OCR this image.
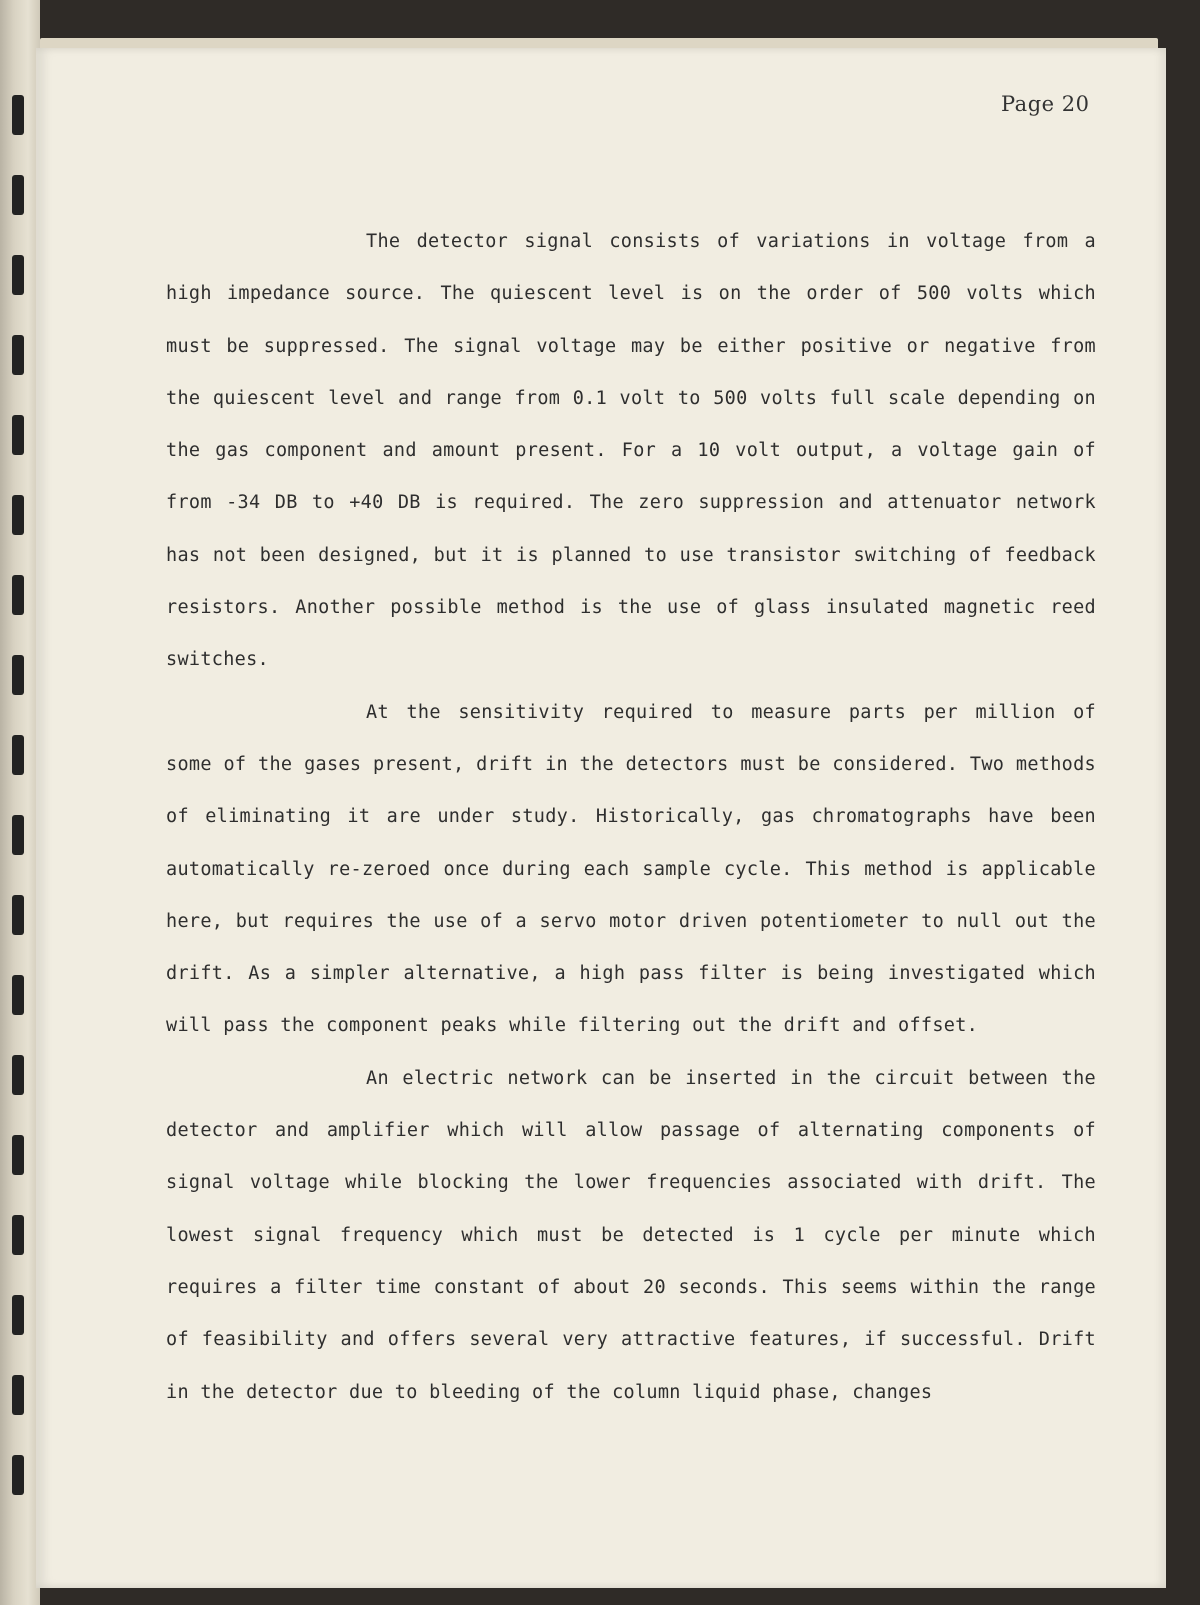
Page 20

The detector signal consists of variations in voltage from a high impedance source. The quiescent level is on the order of 500 volts which must be suppressed. The signal voltage may be either positive or negative from the quiescent level and range from 0.1 volt to 500 volts full scale depending on the gas component and amount present. For a 10 volt output, a voltage gain of from -34 DB to +40 DB is required. The zero suppression and attenuator network has not been designed, but it is planned to use transistor switching of feedback resistors. Another possible method is the use of glass insulated magnetic reed switches.

At the sensitivity required to measure parts per million of some of the gases present, drift in the detectors must be considered. Two methods of eliminating it are under study. Historically, gas chromatographs have been automatically re-zeroed once during each sample cycle. This method is applicable here, but requires the use of a servo motor driven potentiometer to null out the drift. As a simpler alternative, a high pass filter is being investigated which will pass the component peaks while filtering out the drift and offset.

An electric network can be inserted in the circuit between the detector and amplifier which will allow passage of alternating components of signal voltage while blocking the lower frequencies associated with drift. The lowest signal frequency which must be detected is 1 cycle per minute which requires a filter time constant of about 20 seconds. This seems within the range of feasibility and offers several very attractive features, if successful. Drift in the detector due to bleeding of the column liquid phase, changes
